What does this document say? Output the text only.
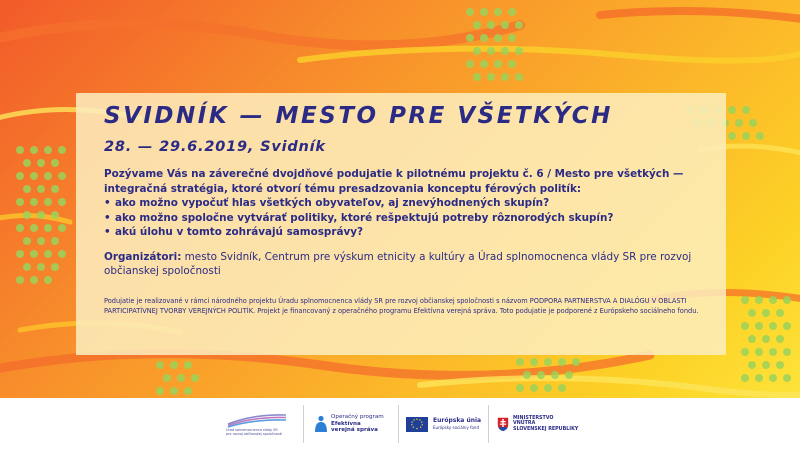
SVIDNÍK — MESTO PRE VŠETKÝCH
28. — 29.6.2019, Svidník

Pozývame Vás na záverečné dvojdňové podujatie k pilotnému projektu č. 6 / Mesto pre všetkých — integračná stratégia, ktoré otvorí tému presadzovania konceptu férových politík:

• ako možno vypočuť hlas všetkých obyvateľov, aj znevýhodnených skupín?
• ako možno spoločne vytvárať politiky, ktoré rešpektujú potreby rôznorodých skupín?
• akú úlohu v tomto zohrávajú samosprávy?

Organizátori: mesto Svidník, Centrum pre výskum etnicity a kultúry a Úrad splnomocnenca vlády SR pre rozvoj občianskej spoločnosti

Podujatie je realizované v rámci národného projektu Úradu splnomocnenca vlády SR pre rozvoj občianskej spoločnosti s názvom PODPORA PARTNERSTVA A DIALÓGU V OBLASTI PARTICIPATÍVNEJ TVORBY VEREJNÝCH POLITÍK. Projekt je financovaný z operačného programu Efektívna verejná správa. Toto podujatie je podporené z Európskeho sociálneho fondu.

Úrad splnomocnenca vlády SR
pre rozvoj občianskej spoločnosti
Operačný program
Efektívna
verejná správa
Európska únia
Európsky sociálny fond
MINISTERSTVO
VNÚTRA
SLOVENSKEJ REPUBLIKY
